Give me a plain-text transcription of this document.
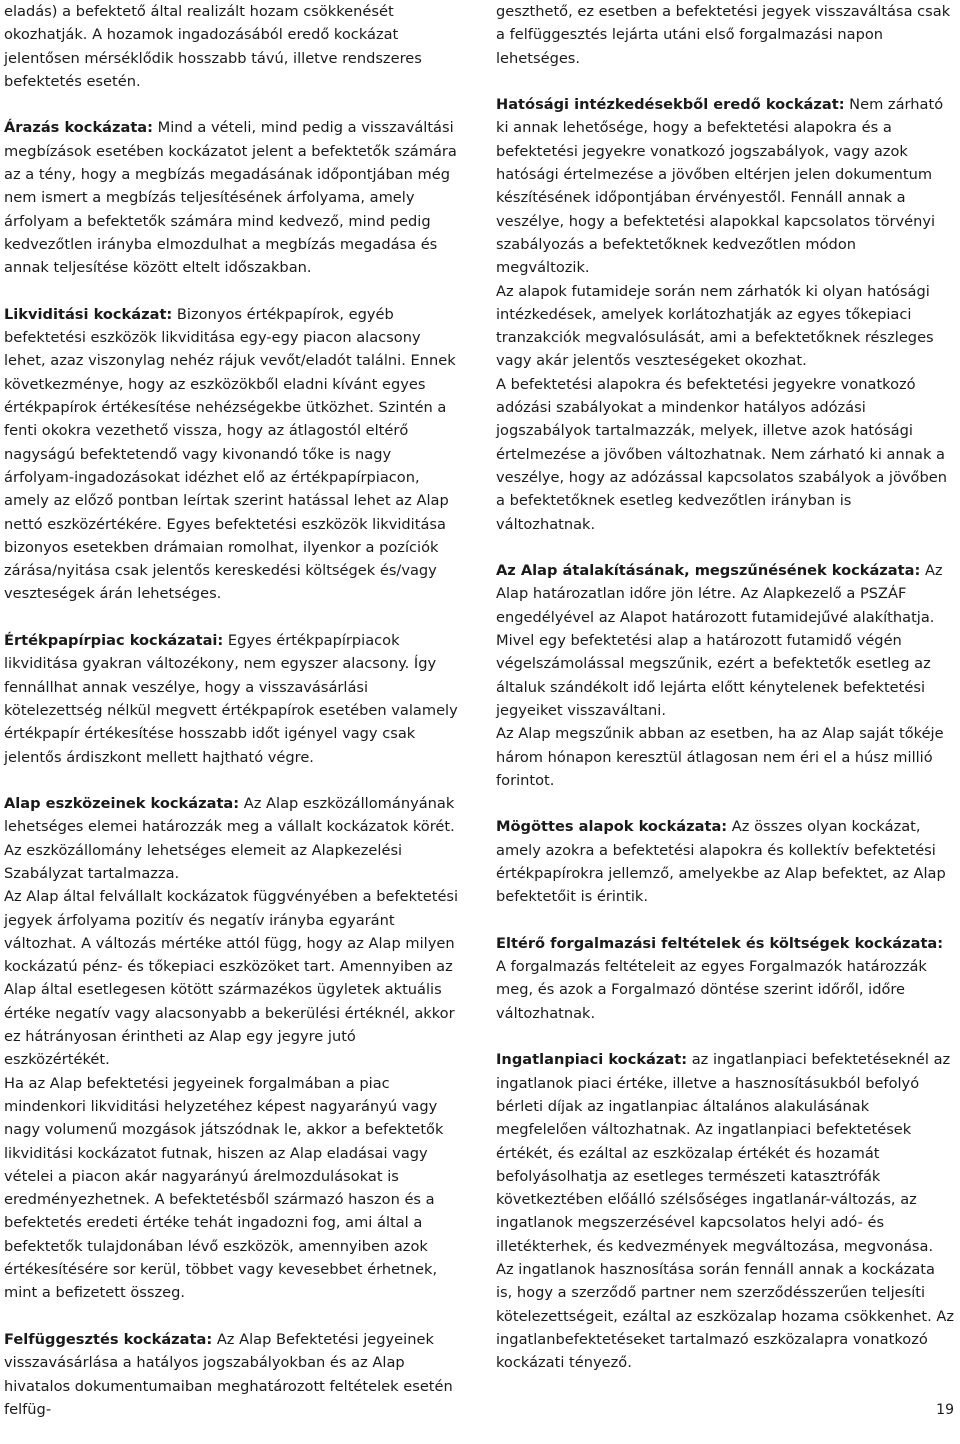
eladás) a befektető által realizált hozam csökkenését okozhatják. A hozamok ingadozásából eredő kockázat jelentősen mérséklődik hosszabb távú, illetve rendszeres befektetés esetén.

Árazás kockázata: Mind a vételi, mind pedig a visszaváltási megbízások esetében kockázatot jelent a befektetők számára az a tény, hogy a megbízás megadásának időpontjában még nem ismert a megbízás teljesítésének árfolyama, amely árfolyam a befektetők számára mind kedvező, mind pedig kedvezőtlen irányba elmozdulhat a megbízás megadása és annak teljesítése között eltelt időszakban.

Likviditási kockázat: Bizonyos értékpapírok, egyéb befektetési eszközök likviditása egy-egy piacon alacsony lehet, azaz viszonylag nehéz rájuk vevőt/eladót találni. Ennek következménye, hogy az eszközökből eladni kívánt egyes értékpapírok értékesítése nehézségekbe ütközhet. Szintén a fenti okokra vezethető vissza, hogy az átlagostól eltérő nagyságú befektetendő vagy kivonandó tőke is nagy árfolyam-ingadozásokat idézhet elő az értékpapírpiacon, amely az előző pontban leírtak szerint hatással lehet az Alap nettó eszközértékére. Egyes befektetési eszközök likviditása bizonyos esetekben drámaian romolhat, ilyenkor a pozíciók zárása/nyitása csak jelentős kereskedési költségek és/vagy veszteségek árán lehetséges.

Értékpapírpiac kockázatai: Egyes értékpapírpiacok likviditása gyakran változékony, nem egyszer alacsony. Így fennállhat annak veszélye, hogy a visszavásárlási kötelezettség nélkül megvett értékpapírok esetében valamely értékpapír értékesítése hosszabb időt igényel vagy csak jelentős árdiszkont mellett hajtható végre.

Alap eszközeinek kockázata: Az Alap eszközállományának lehetséges elemei határozzák meg a vállalt kockázatok körét. Az eszközállomány lehetséges elemeit az Alapkezelési Szabályzat tartalmazza.

Az Alap által felvállalt kockázatok függvényében a befektetési jegyek árfolyama pozitív és negatív irányba egyaránt változhat. A változás mértéke attól függ, hogy az Alap milyen kockázatú pénz- és tőkepiaci eszközöket tart. Amennyiben az Alap által esetlegesen kötött származékos ügyletek aktuális értéke negatív vagy alacsonyabb a bekerülési értéknél, akkor ez hátrányosan érintheti az Alap egy jegyre jutó eszközértékét.

Ha az Alap befektetési jegyeinek forgalmában a piac mindenkori likviditási helyzetéhez képest nagyarányú vagy nagy volumenű mozgások játszódnak le, akkor a befektetők likviditási kockázatot futnak, hiszen az Alap eladásai vagy vételei a piacon akár nagyarányú árelmozdulásokat is eredményezhetnek. A befektetésből származó haszon és a befektetés eredeti értéke tehát ingadozni fog, ami által a befektetők tulajdonában lévő eszközök, amennyiben azok értékesítésére sor kerül, többet vagy kevesebbet érhetnek, mint a befizetett összeg.

Felfüggesztés kockázata: Az Alap Befektetési jegyeinek visszavásárlása a hatályos jogszabályokban és az Alap hivatalos dokumentumaiban meghatározott feltételek esetén felfüg-

geszthető, ez esetben a befektetési jegyek visszaváltása csak a felfüggesztés lejárta utáni első forgalmazási napon lehetséges.

Hatósági intézkedésekből eredő kockázat: Nem zárható ki annak lehetősége, hogy a befektetési alapokra és a befektetési jegyekre vonatkozó jogszabályok, vagy azok hatósági értelmezése a jövőben eltérjen jelen dokumentum készítésének időpontjában érvényestől. Fennáll annak a veszélye, hogy a befektetési alapokkal kapcsolatos törvényi szabályozás a befektetőknek kedvezőtlen módon megváltozik.

Az alapok futamideje során nem zárhatók ki olyan hatósági intézkedések, amelyek korlátozhatják az egyes tőkepiaci tranzakciók megvalósulását, ami a befektetőknek részleges vagy akár jelentős veszteségeket okozhat.

A befektetési alapokra és befektetési jegyekre vonatkozó adózási szabályokat a mindenkor hatályos adózási jogszabályok tartalmazzák, melyek, illetve azok hatósági értelmezése a jövőben változhatnak. Nem zárható ki annak a veszélye, hogy az adózással kapcsolatos szabályok a jövőben a befektetőknek esetleg kedvezőtlen irányban is változhatnak.

Az Alap átalakításának, megszűnésének kockázata: Az Alap határozatlan időre jön létre. Az Alapkezelő a PSZÁF engedélyével az Alapot határozott futamidejűvé alakíthatja. Mivel egy befektetési alap a határozott futamidő végén végelszámolással megszűnik, ezért a befektetők esetleg az általuk szándékolt idő lejárta előtt kénytelenek befektetési jegyeiket visszaváltani.

Az Alap megszűnik abban az esetben, ha az Alap saját tőkéje három hónapon keresztül átlagosan nem éri el a húsz millió forintot.

Mögöttes alapok kockázata: Az összes olyan kockázat, amely azokra a befektetési alapokra és kollektív befektetési értékpapírokra jellemző, amelyekbe az Alap befektet, az Alap befektetőit is érintik.

Eltérő forgalmazási feltételek és költségek kockázata: A forgalmazás feltételeit az egyes Forgalmazók határozzák meg, és azok a Forgalmazó döntése szerint időről, időre változhatnak.

Ingatlanpiaci kockázat: az ingatlanpiaci befektetéseknél az ingatlanok piaci értéke, illetve a hasznosításukból befolyó bérleti díjak az ingatlanpiac általános alakulásának megfelelően változhatnak. Az ingatlanpiaci befektetések értékét, és ezáltal az eszközalap értékét és hozamát befolyásolhatja az esetleges természeti katasztrófák következtében előálló szélsőséges ingatlanár-változás, az ingatlanok megszerzésével kapcsolatos helyi adó- és illetékterhek, és kedvezmények megváltozása, megvonása. Az ingatlanok hasznosítása során fennáll annak a kockázata is, hogy a szerződő partner nem szerződésszerűen teljesíti kötelezettségeit, ezáltal az eszközalap hozama csökkenhet. Az ingatlanbefektetéseket tartalmazó eszközalapra vonatkozó kockázati tényező.

19
